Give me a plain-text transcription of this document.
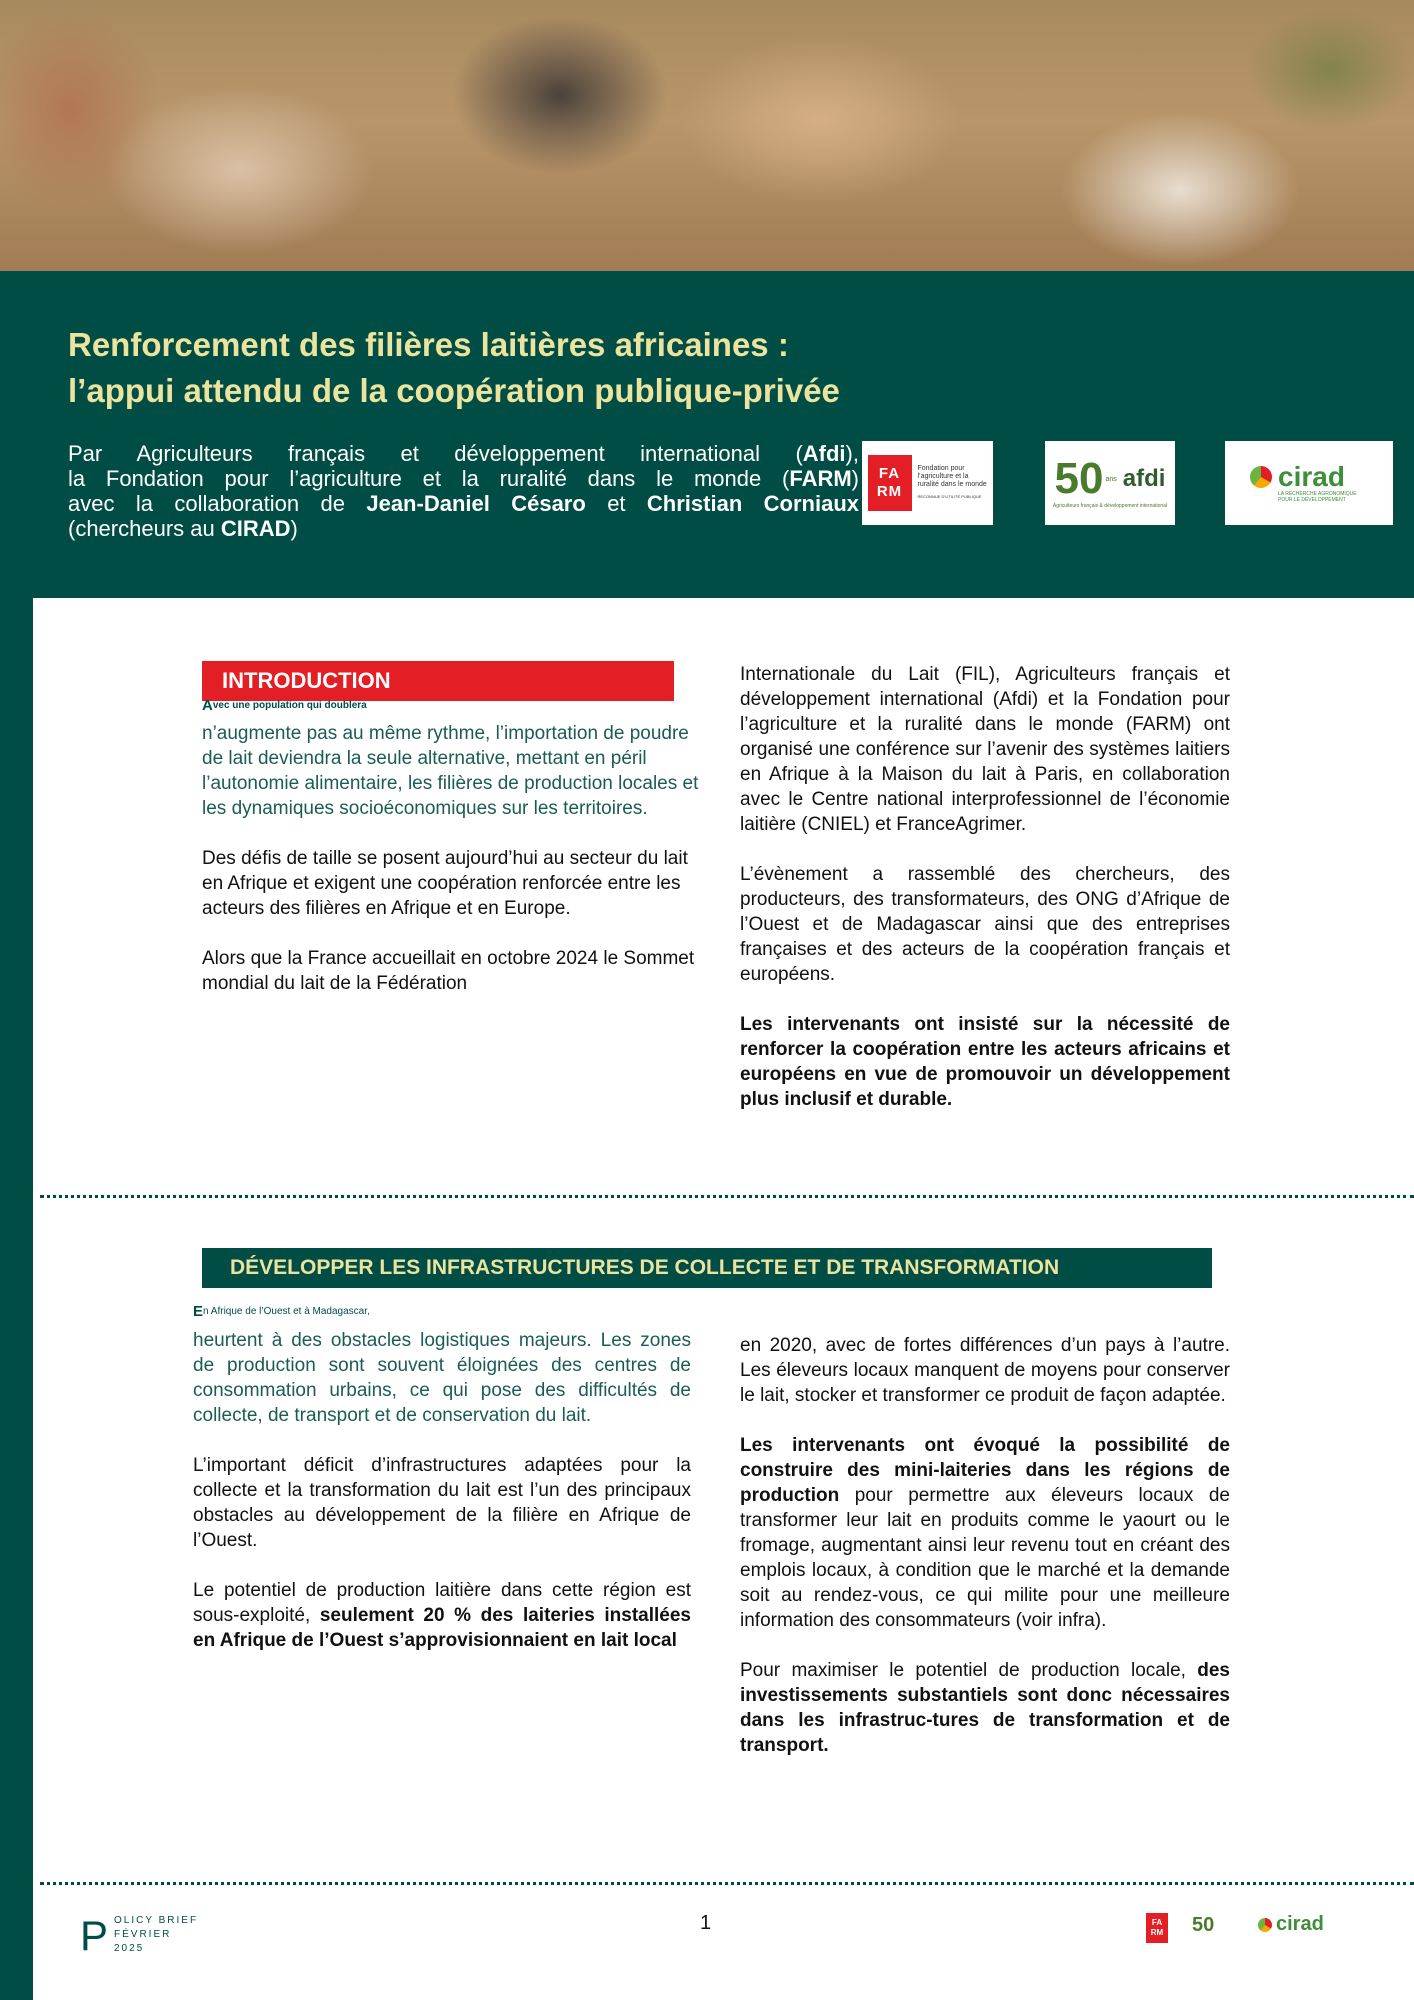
Renforcement des filières laitières africaines :
l’appui attendu de la coopération publique-privée
Par Agriculteurs français et développement international (Afdi),
la Fondation pour l’agriculture et la ruralité dans le monde (FARM)
avec la collaboration de Jean-Daniel Césaro et Christian Corniaux
(chercheurs au CIRAD)
FA
RM
Fondation pour l’agriculture et la ruralité dans le monde
RECONNUE D’UTILITÉ PUBLIQUE 50 ans afdi
Agriculteurs français & développement international
cirad
LA RECHERCHE AGRONOMIQUE POUR LE DÉVELOPPEMENT
INTRODUCTION
$A^{vec une population qui doublera}$

n’augmente pas au même rythme, l’importation de poudre de lait deviendra la seule alternative, mettant en péril l’autonomie alimentaire, les filières de production locales et les dynamiques socioéconomiques sur les territoires.

Des défis de taille se posent aujourd’hui au secteur du lait en Afrique et exigent une coopération renforcée entre les acteurs des filières en Afrique et en Europe.

Alors que la France accueillait en octobre 2024 le Sommet mondial du lait de la Fédération

Internationale du Lait (FIL), Agriculteurs français et développement international (Afdi) et la Fondation pour l’agriculture et la ruralité dans le monde (FARM) ont organisé une conférence sur l’avenir des systèmes laitiers en Afrique à la Maison du lait à Paris, en collaboration avec le Centre national interprofessionnel de l’économie laitière (CNIEL) et FranceAgrimer.

L’évènement a rassemblé des chercheurs, des producteurs, des transformateurs, des ONG d’Afrique de l’Ouest et de Madagascar ainsi que des entreprises françaises et des acteurs de la coopération français et européens.

Les intervenants ont insisté sur la nécessité de renforcer la coopération entre les acteurs africains et européens en vue de promouvoir un développement plus inclusif et durable.

DÉVELOPPER LES INFRASTRUCTURES DE COLLECTE ET DE TRANSFORMATION
$E^{n Afrique de l’Ouest et à Madagascar,}$

heurtent à des obstacles logistiques majeurs. Les zones de production sont souvent éloignées des centres de consommation urbains, ce qui pose des difficultés de collecte, de transport et de conservation du lait.

L’important déficit d’infrastructures adaptées pour la collecte et la transformation du lait est l’un des principaux obstacles au développement de la filière en Afrique de l’Ouest.

Le potentiel de production laitière dans cette région est sous-exploité, seulement 20 % des laiteries installées en Afrique de l’Ouest s’approvisionnaient en lait local

en 2020, avec de fortes différences d’un pays à l’autre. Les éleveurs locaux manquent de moyens pour conserver le lait, stocker et transformer ce produit de façon adaptée.

Les intervenants ont évoqué la possibilité de construire des mini-laiteries dans les régions de production pour permettre aux éleveurs locaux de transformer leur lait en produits comme le yaourt ou le fromage, augmentant ainsi leur revenu tout en créant des emplois locaux, à condition que le marché et la demande soit au rendez-vous, ce qui milite pour une meilleure information des consommateurs (voir infra).

Pour maximiser le potentiel de production locale, des investissements substantiels sont donc nécessaires dans les infrastruc-tures de transformation et de transport.

P OLICY BRIEF
FÉVRIER
2025
1	FA
RM 50	cirad
